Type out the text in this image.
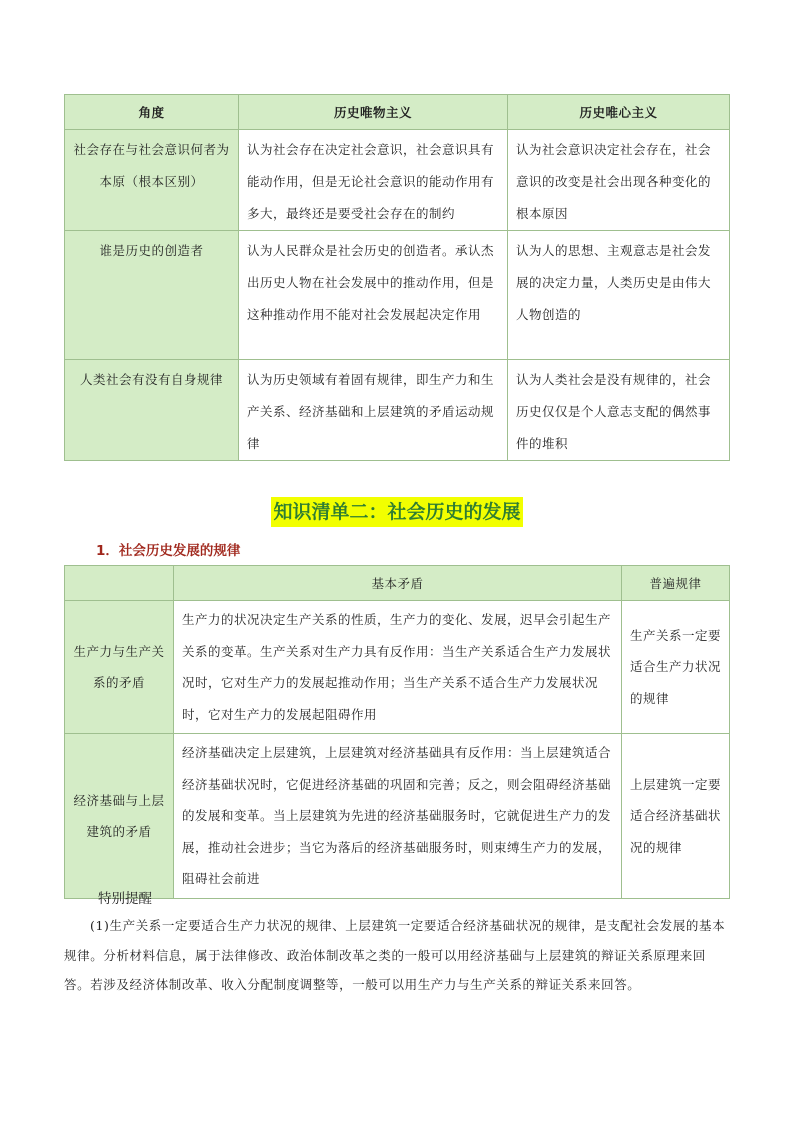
角度	历史唯物主义	历史唯心主义
社会存在与社会意识何者为本原（根本区别）	认为社会存在决定社会意识，社会意识具有能动作用，但是无论社会意识的能动作用有多大，最终还是要受社会存在的制约	认为社会意识决定社会存在，社会意识的改变是社会出现各种变化的根本原因
谁是历史的创造者	认为人民群众是社会历史的创造者。承认杰出历史人物在社会发展中的推动作用，但是这种推动作用不能对社会发展起决定作用	认为人的思想、主观意志是社会发展的决定力量，人类历史是由伟大人物创造的
人类社会有没有自身规律	认为历史领域有着固有规律，即生产力和生产关系、经济基础和上层建筑的矛盾运动规律	认为人类社会是没有规律的，社会历史仅仅是个人意志支配的偶然事件的堆积
知识清单二：社会历史的发展
1．社会历史发展的规律
	基本矛盾	普遍规律
生产力与生产关系的矛盾	生产力的状况决定生产关系的性质，生产力的变化、发展，迟早会引起生产关系的变革。生产关系对生产力具有反作用：当生产关系适合生产力发展状况时，它对生产力的发展起推动作用；当生产关系不适合生产力发展状况时，它对生产力的发展起阻碍作用	生产关系一定要适合生产力状况的规律
经济基础与上层建筑的矛盾	经济基础决定上层建筑，上层建筑对经济基础具有反作用：当上层建筑适合经济基础状况时，它促进经济基础的巩固和完善；反之，则会阻碍经济基础的发展和变革。当上层建筑为先进的经济基础服务时，它就促进生产力的发展，推动社会进步；当它为落后的经济基础服务时，则束缚生产力的发展，阻碍社会前进	上层建筑一定要适合经济基础状况的规律
特别提醒
(1)生产关系一定要适合生产力状况的规律、上层建筑一定要适合经济基础状况的规律，是支配社会发展的基本规律。分析材料信息，属于法律修改、政治体制改革之类的一般可以用经济基础与上层建筑的辩证关系原理来回答。若涉及经济体制改革、收入分配制度调整等，一般可以用生产力与生产关系的辩证关系来回答。
